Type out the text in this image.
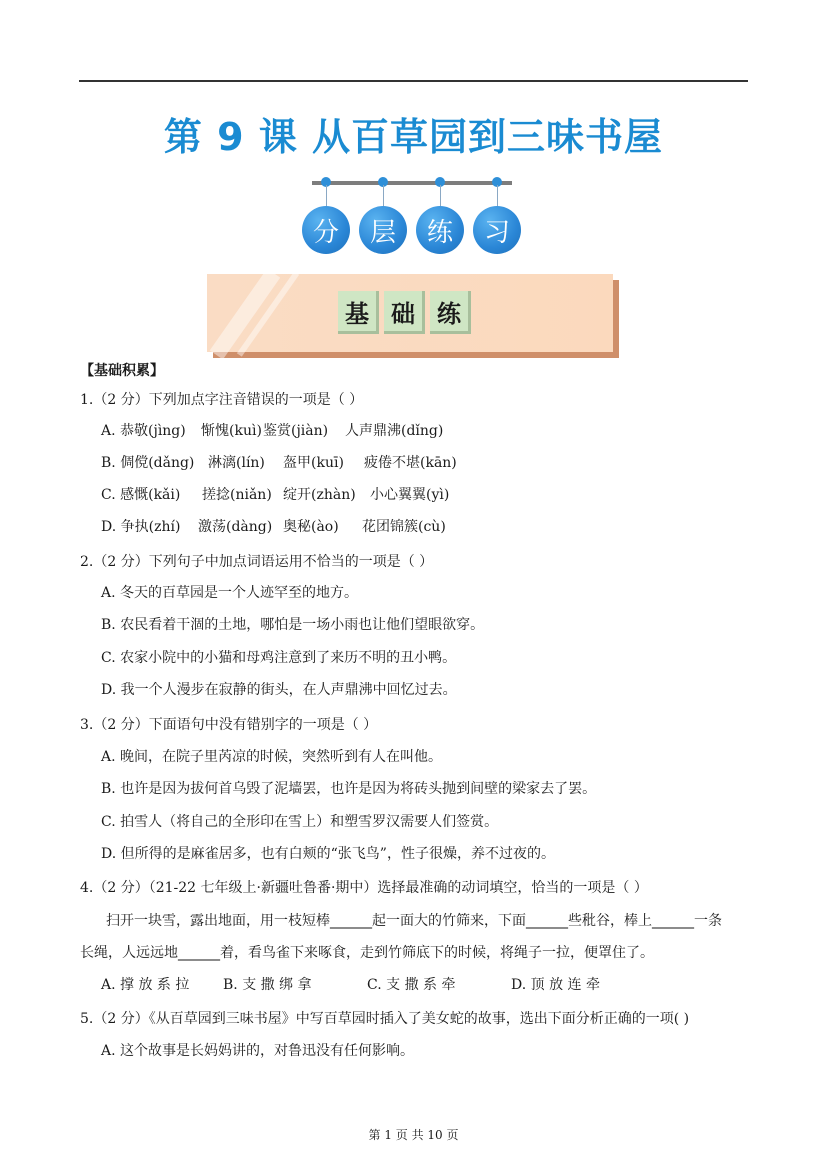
第 9 课 从百草园到三味书屋
分	层	练	习
基 础 练
【基础积累】
1.（2 分）下列加点字注音错误的一项是（ ）
A. 恭敬(jìng) 惭愧(kuì)鉴赏(jiàn) 人声鼎沸(dǐng)
B. 倜傥(dǎng) 淋漓(lín) 盔甲(kuī) 疲倦不堪(kān)
C. 感慨(kǎi) 搓捻(niǎn) 绽开(zhàn) 小心翼翼(yì)
D. 争执(zhí) 激荡(dàng) 奥秘(ào) 花团锦簇(cù)
2.（2 分）下列句子中加点词语运用不恰当的一项是（ ）
A. 冬天的百草园是一个人迹罕至的地方。
B. 农民看着干涸的土地，哪怕是一场小雨也让他们望眼欲穿。
C. 农家小院中的小猫和母鸡注意到了来历不明的丑小鸭。
D. 我一个人漫步在寂静的街头，在人声鼎沸中回忆过去。
3.（2 分）下面语句中没有错别字的一项是（ ）
A. 晚间，在院子里芮凉的时候，突然听到有人在叫他。
B. 也许是因为拔何首乌毁了泥墙罢，也许是因为将砖头抛到间壁的梁家去了罢。
C. 拍雪人（将自己的全形印在雪上）和塑雪罗汉需要人们签赏。
D. 但所得的是麻雀居多，也有白颊的“张飞鸟”，性子很燥，养不过夜的。
4.（2 分）（21-22 七年级上·新疆吐鲁番·期中）选择最准确的动词填空，恰当的一项是（ ）
扫开一块雪，露出地面，用一枝短棒______起一面大的竹筛来，下面______些秕谷，棒上______一条
长绳，人远远地______着，看鸟雀下来啄食，走到竹筛底下的时候，将绳子一拉，便罩住了。
A. 撑 放 系 拉 B. 支 撒 绑 拿	C. 支 撒 系 牵	D. 顶 放 连 牵
5.（2 分）《从百草园到三味书屋》中写百草园时插入了美女蛇的故事，选出下面分析正确的一项( )
A. 这个故事是长妈妈讲的，对鲁迅没有任何影响。
第 1 页 共 10 页
